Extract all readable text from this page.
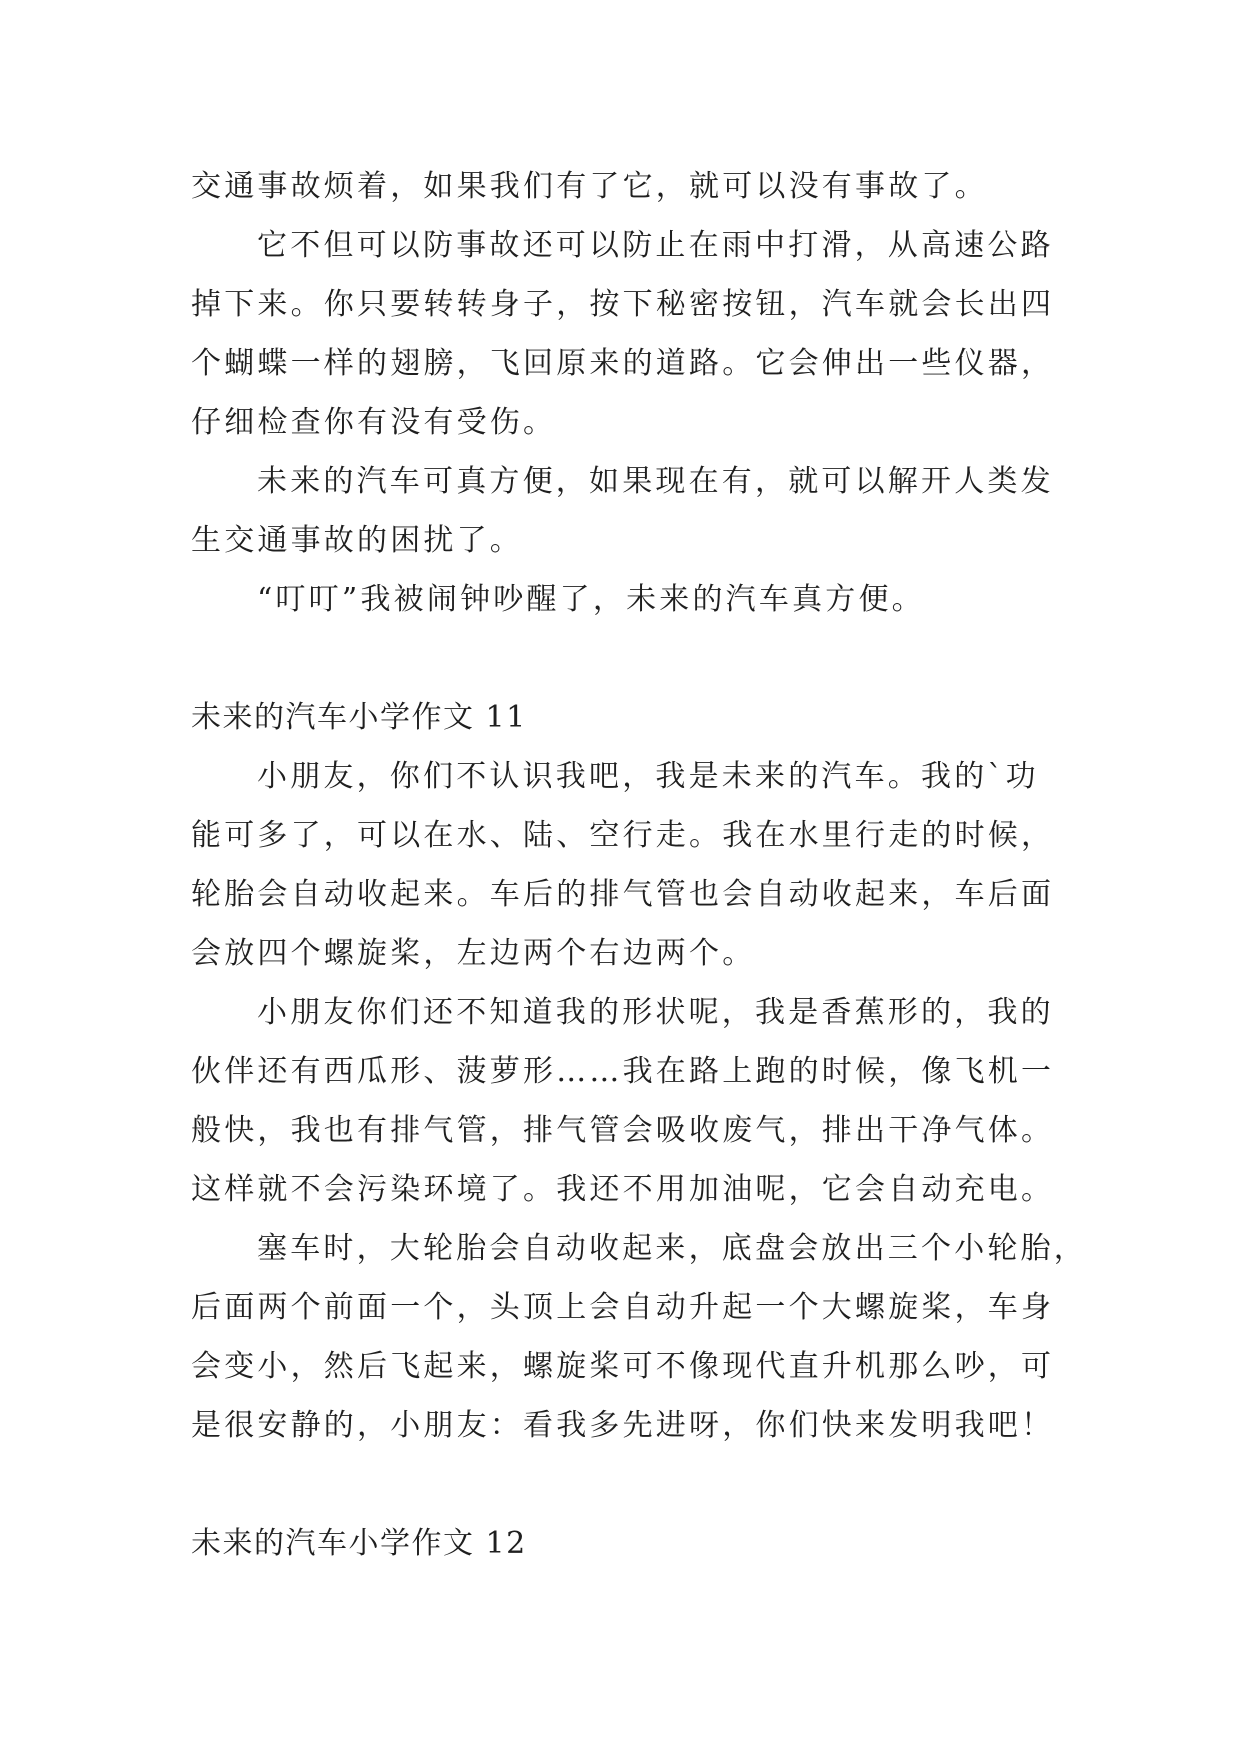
交通事故烦着，如果我们有了它，就可以没有事故了。
它不但可以防事故还可以防止在雨中打滑，从高速公路
掉下来。你只要转转身子，按下秘密按钮，汽车就会长出四
个蝴蝶一样的翅膀，飞回原来的道路。它会伸出一些仪器，
仔细检查你有没有受伤。
未来的汽车可真方便，如果现在有，就可以解开人类发
生交通事故的困扰了。
“叮叮”我被闹钟吵醒了，未来的汽车真方便。
未来的汽车小学作文 11
小朋友，你们不认识我吧，我是未来的汽车。我的`功
能可多了，可以在水、陆、空行走。我在水里行走的时候，
轮胎会自动收起来。车后的排气管也会自动收起来，车后面
会放四个螺旋桨，左边两个右边两个。
小朋友你们还不知道我的形状呢，我是香蕉形的，我的
伙伴还有西瓜形、菠萝形……我在路上跑的时候，像飞机一
般快，我也有排气管，排气管会吸收废气，排出干净气体。
这样就不会污染环境了。我还不用加油呢，它会自动充电。
塞车时，大轮胎会自动收起来，底盘会放出三个小轮胎，
后面两个前面一个，头顶上会自动升起一个大螺旋桨，车身
会变小，然后飞起来，螺旋桨可不像现代直升机那么吵，可
是很安静的，小朋友：看我多先进呀，你们快来发明我吧！
未来的汽车小学作文 12
